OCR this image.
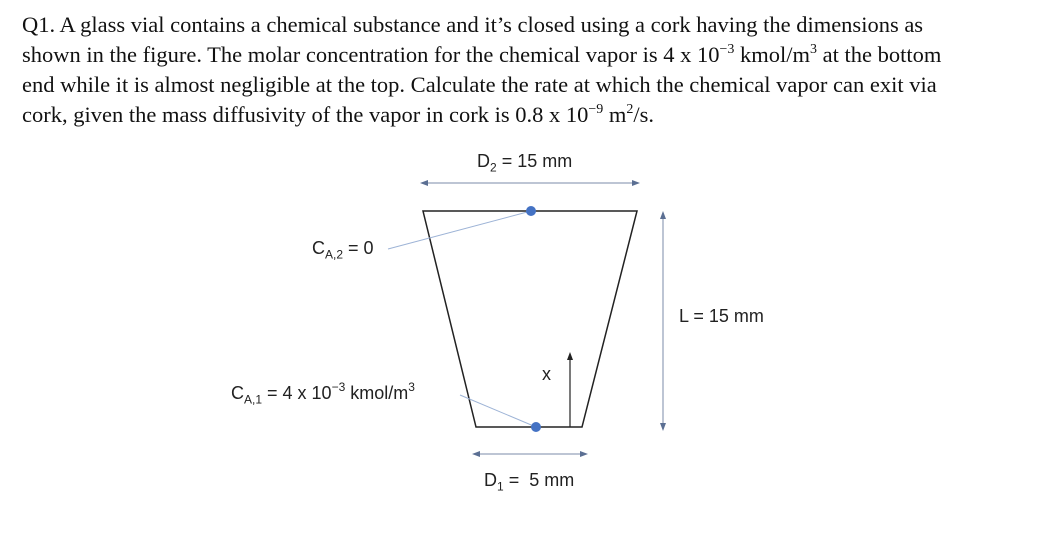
Q1. A glass vial contains a chemical substance and it’s closed using a cork having the dimensions as
shown in the figure. The molar concentration for the chemical vapor is 4 x $10^{-3}$ kmol/$m^3$ at the bottom
end while it is almost negligible at the top. Calculate the rate at which the chemical vapor can exit via
cork, given the mass diffusivity of the vapor in cork is 0.8 x $10^{-9}$ $m^2/s$.
$D_2 = 15$ mm
$C_{A,2} = 0$
L = 15 mm
x
$C_{A,1} = 4$ x $10^{-3}$ kmol/$m^3$
$D_1 = 5$ mm
